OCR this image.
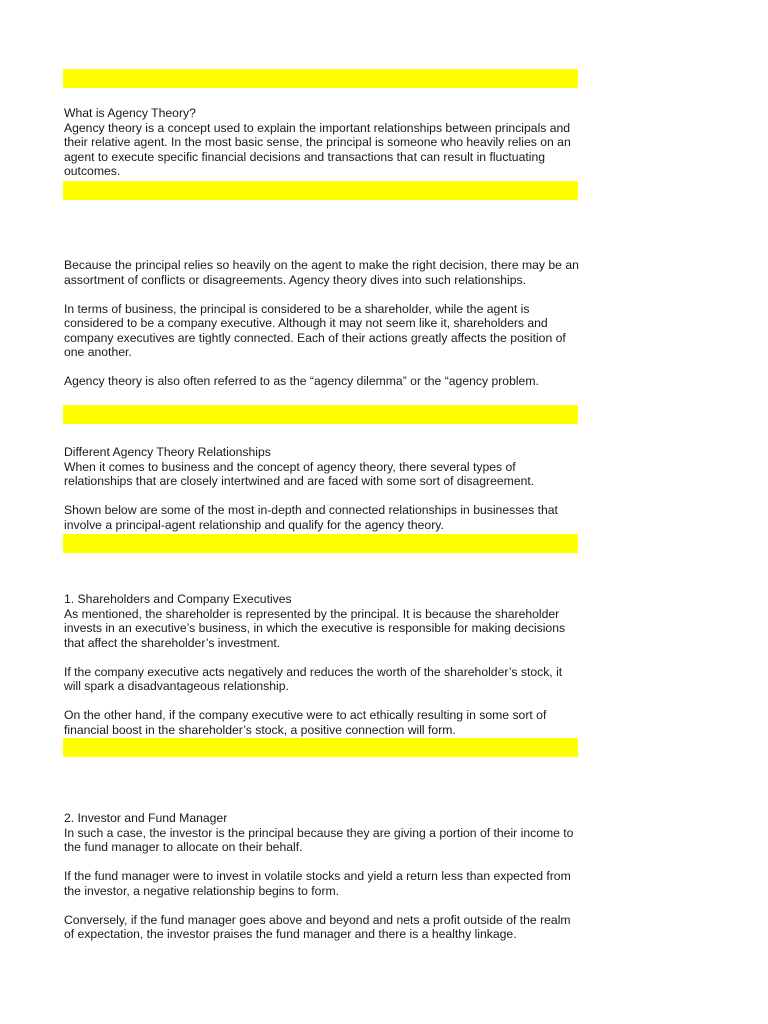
What is Agency Theory?
Agency theory is a concept used to explain the important relationships between principals and their relative agent. In the most basic sense, the principal is someone who heavily relies on an agent to execute specific financial decisions and transactions that can result in fluctuating outcomes.

Because the principal relies so heavily on the agent to make the right decision, there may be an assortment of conflicts or disagreements. Agency theory dives into such relationships.

In terms of business, the principal is considered to be a shareholder, while the agent is considered to be a company executive. Although it may not seem like it, shareholders and company executives are tightly connected. Each of their actions greatly affects the position of one another.

Agency theory is also often referred to as the “agency dilemma” or the “agency problem.

Different Agency Theory Relationships
When it comes to business and the concept of agency theory, there several types of relationships that are closely intertwined and are faced with some sort of disagreement.

Shown below are some of the most in-depth and connected relationships in businesses that involve a principal-agent relationship and qualify for the agency theory.

1. Shareholders and Company Executives
As mentioned, the shareholder is represented by the principal. It is because the shareholder invests in an executive’s business, in which the executive is responsible for making decisions that affect the shareholder’s investment.

If the company executive acts negatively and reduces the worth of the shareholder’s stock, it will spark a disadvantageous relationship.

On the other hand, if the company executive were to act ethically resulting in some sort of financial boost in the shareholder’s stock, a positive connection will form.

2. Investor and Fund Manager
In such a case, the investor is the principal because they are giving a portion of their income to the fund manager to allocate on their behalf.

If the fund manager were to invest in volatile stocks and yield a return less than expected from the investor, a negative relationship begins to form.

Conversely, if the fund manager goes above and beyond and nets a profit outside of the realm of expectation, the investor praises the fund manager and there is a healthy linkage.
